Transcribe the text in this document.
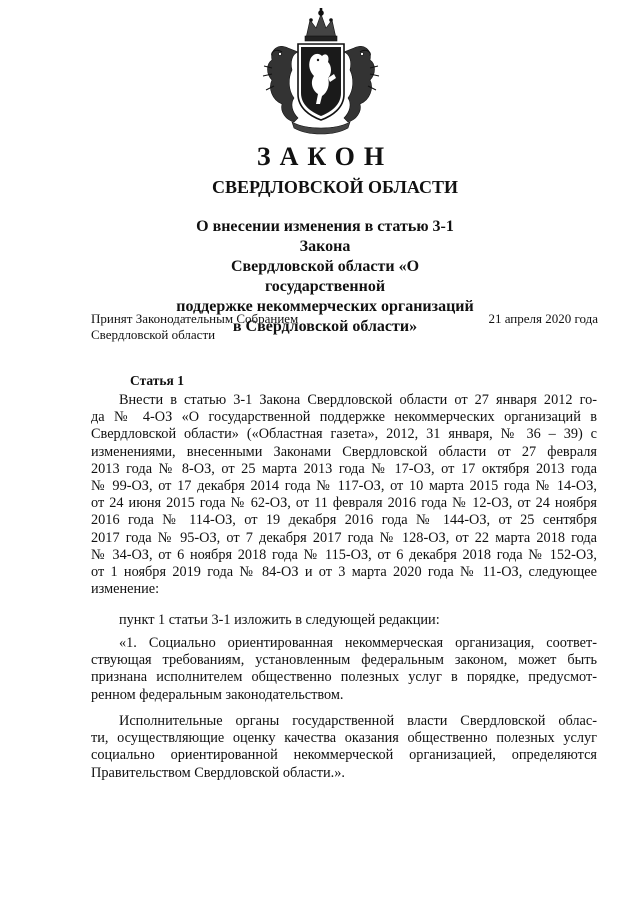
ЗАКОН
СВЕРДЛОВСКОЙ ОБЛАСТИ
О внесении изменения в статью 3-1 Закона
Свердловской области «О государственной
поддержке некоммерческих организаций
в Свердловской области»
Принят Законодательным Собранием
Свердловской области
21 апреля 2020 года
Статья 1
Внести в статью 3-1 Закона Свердловской области от 27 января 2012 го-
да № 4-ОЗ «О государственной поддержке некоммерческих организаций в
Свердловской области» («Областная газета», 2012, 31 января, № 36 – 39) с
изменениями, внесенными Законами Свердловской области от 27 февраля
2013 года № 8-ОЗ, от 25 марта 2013 года № 17-ОЗ, от 17 октября 2013 года
№ 99-ОЗ, от 17 декабря 2014 года № 117-ОЗ, от 10 марта 2015 года № 14-ОЗ,
от 24 июня 2015 года № 62-ОЗ, от 11 февраля 2016 года № 12-ОЗ, от 24 ноября
2016 года № 114-ОЗ, от 19 декабря 2016 года № 144-ОЗ, от 25 сентября
2017 года № 95-ОЗ, от 7 декабря 2017 года № 128-ОЗ, от 22 марта 2018 года
№ 34-ОЗ, от 6 ноября 2018 года № 115-ОЗ, от 6 декабря 2018 года № 152-ОЗ,
от 1 ноября 2019 года № 84-ОЗ и от 3 марта 2020 года № 11-ОЗ, следующее
изменение:
пункт 1 статьи 3-1 изложить в следующей редакции:
«1. Социально ориентированная некоммерческая организация, соответ-
ствующая требованиям, установленным федеральным законом, может быть
признана исполнителем общественно полезных услуг в порядке, предусмот-
ренном федеральным законодательством.
Исполнительные органы государственной власти Свердловской облас-
ти, осуществляющие оценку качества оказания общественно полезных услуг
социально ориентированной некоммерческой организацией, определяются
Правительством Свердловской области.».
